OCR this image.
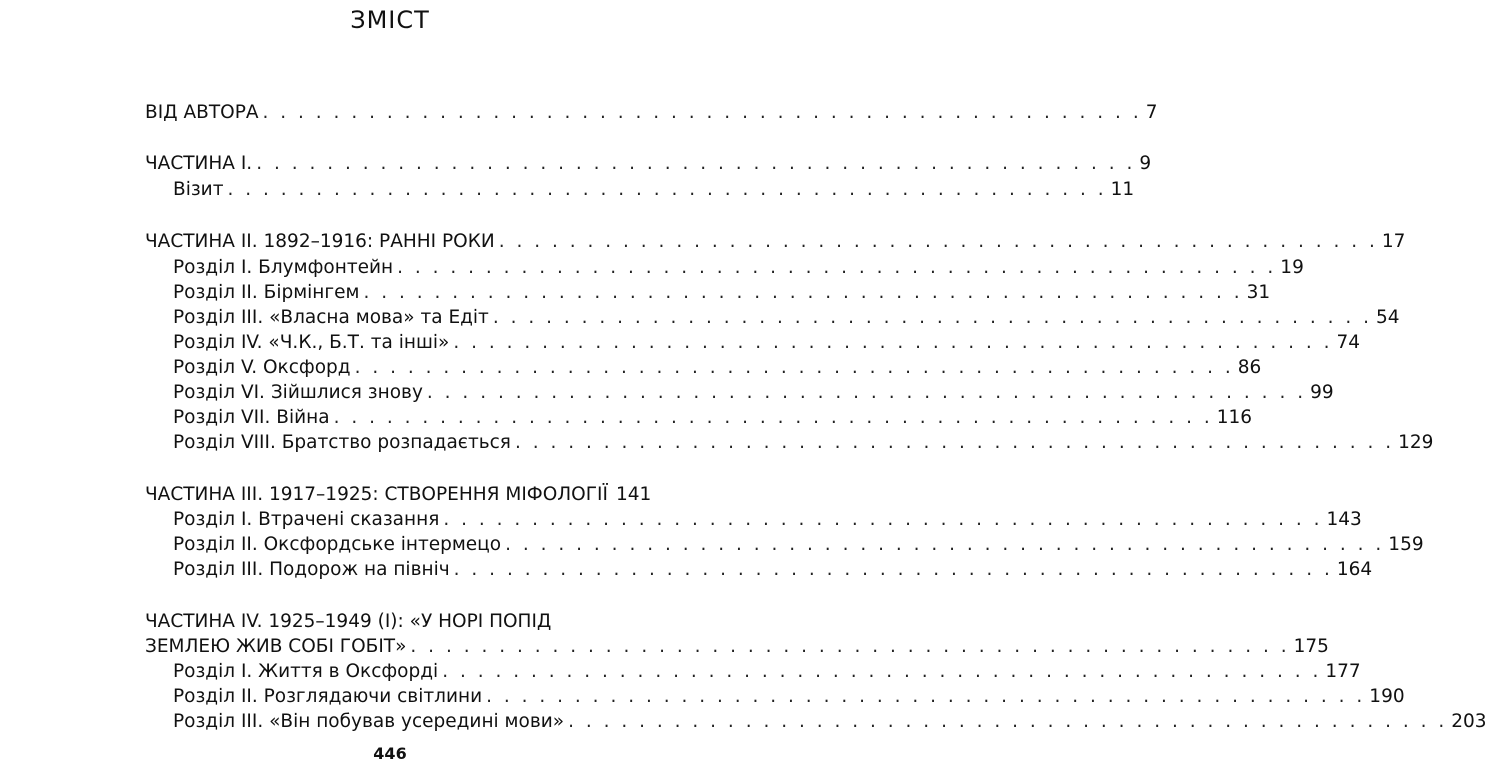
ЗМІСТ
ВІД АВТОРА . . . . . . . . . . . . . . . . . . . . . . . . . . . . . . . . . . . . . . . . . . . . . . . . . . 7
ЧАСТИНА І. . . . . . . . . . . . . . . . . . . . . . . . . . . . . . . . . . . . . . . . . . . . . . . . . . . 9
Візит . . . . . . . . . . . . . . . . . . . . . . . . . . . . . . . . . . . . . . . . . . . . . . . . . . 11
ЧАСТИНА ІІ. 1892–1916: РАННІ РОКИ . . . . . . . . . . . . . . . . . . . . . . . . . . . . . . . . . . . . . . . . . . . . . . . . . . 17
Розділ І. Блумфонтейн . . . . . . . . . . . . . . . . . . . . . . . . . . . . . . . . . . . . . . . . . . . . . . . . . . 19
Розділ ІІ. Бірмінгем . . . . . . . . . . . . . . . . . . . . . . . . . . . . . . . . . . . . . . . . . . . . . . . . . . 31
Розділ ІІІ. «Власна мова» та Едіт . . . . . . . . . . . . . . . . . . . . . . . . . . . . . . . . . . . . . . . . . . . . . . . . . . 54
Розділ IV. «Ч.К., Б.Т. та інші» . . . . . . . . . . . . . . . . . . . . . . . . . . . . . . . . . . . . . . . . . . . . . . . . . . 74
Розділ V. Оксфорд . . . . . . . . . . . . . . . . . . . . . . . . . . . . . . . . . . . . . . . . . . . . . . . . . . 86
Розділ VI. Зійшлися знову . . . . . . . . . . . . . . . . . . . . . . . . . . . . . . . . . . . . . . . . . . . . . . . . . . 99
Розділ VII. Війна . . . . . . . . . . . . . . . . . . . . . . . . . . . . . . . . . . . . . . . . . . . . . . . . . . 116
Розділ VIII. Братство розпадається . . . . . . . . . . . . . . . . . . . . . . . . . . . . . . . . . . . . . . . . . . . . . . . . . . 129
ЧАСТИНА ІІІ. 1917–1925: СТВОРЕННЯ МІФОЛОГІЇ 141
Розділ І. Втрачені сказання . . . . . . . . . . . . . . . . . . . . . . . . . . . . . . . . . . . . . . . . . . . . . . . . . . 143
Розділ ІІ. Оксфордське інтермецо . . . . . . . . . . . . . . . . . . . . . . . . . . . . . . . . . . . . . . . . . . . . . . . . . . 159
Розділ ІІІ. Подорож на північ . . . . . . . . . . . . . . . . . . . . . . . . . . . . . . . . . . . . . . . . . . . . . . . . . . 164
ЧАСТИНА IV. 1925–1949 (І): «У НОРІ ПОПІД
ЗЕМЛЕЮ ЖИВ СОБІ ГОБІТ» . . . . . . . . . . . . . . . . . . . . . . . . . . . . . . . . . . . . . . . . . . . . . . . . . . 175
Розділ І. Життя в Оксфорді . . . . . . . . . . . . . . . . . . . . . . . . . . . . . . . . . . . . . . . . . . . . . . . . . . 177
Розділ ІІ. Розглядаючи світлини . . . . . . . . . . . . . . . . . . . . . . . . . . . . . . . . . . . . . . . . . . . . . . . . . . 190
Розділ ІІІ. «Він побував усередині мови» . . . . . . . . . . . . . . . . . . . . . . . . . . . . . . . . . . . . . . . . . . . . . . . . . . 203
446
